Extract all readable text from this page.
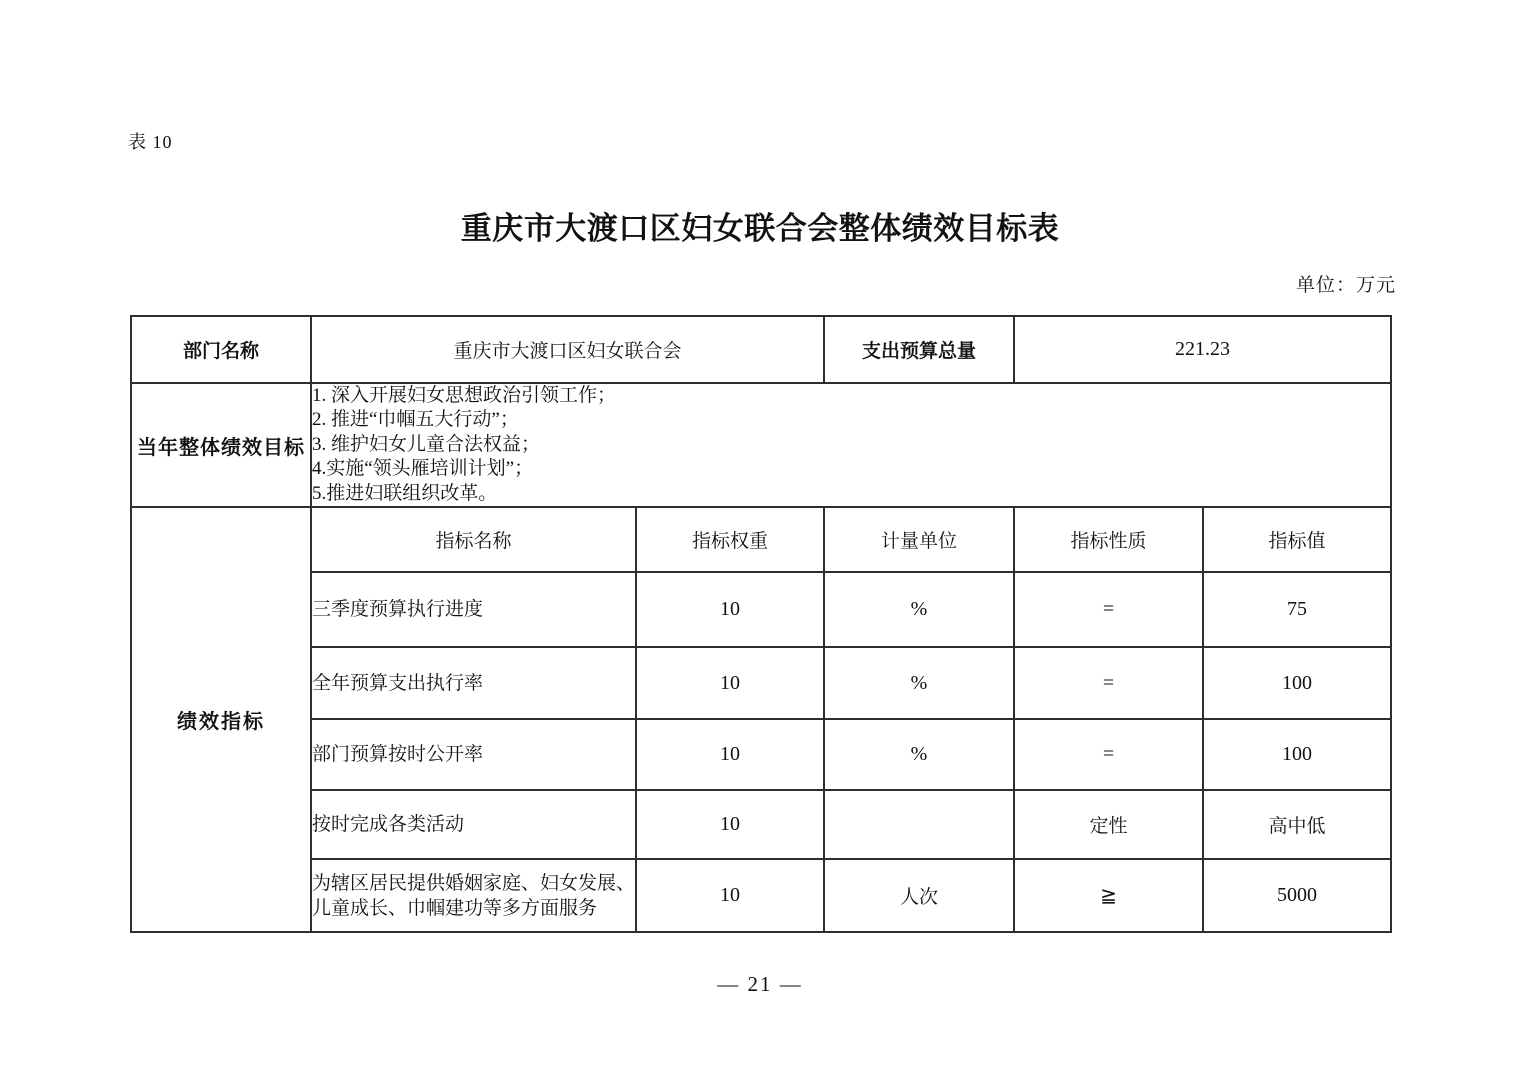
表 10
重庆市大渡口区妇女联合会整体绩效目标表
单位：万元
部门名称	重庆市大渡口区妇女联合会		支出预算总量	221.23	
当年整体绩效目标	1. 深入开展妇女思想政治引领工作；
2. 推进“巾帼五大行动”；
3. 维护妇女儿童合法权益；
4.实施“领头雁培训计划”；
5.推进妇联组织改革。				

绩效指标	指标名称	指标权重	计量单位	指标性质	指标值
	三季度预算执行进度	10	%	=	75
	全年预算支出执行率	10	%	=	100
	部门预算按时公开率	10	%	=	100
	按时完成各类活动	10		定性	高中低
	为辖区居民提供婚姻家庭、妇女发展、儿童成长、巾帼建功等多方面服务	10	人次	≧	5000
— 21 —
